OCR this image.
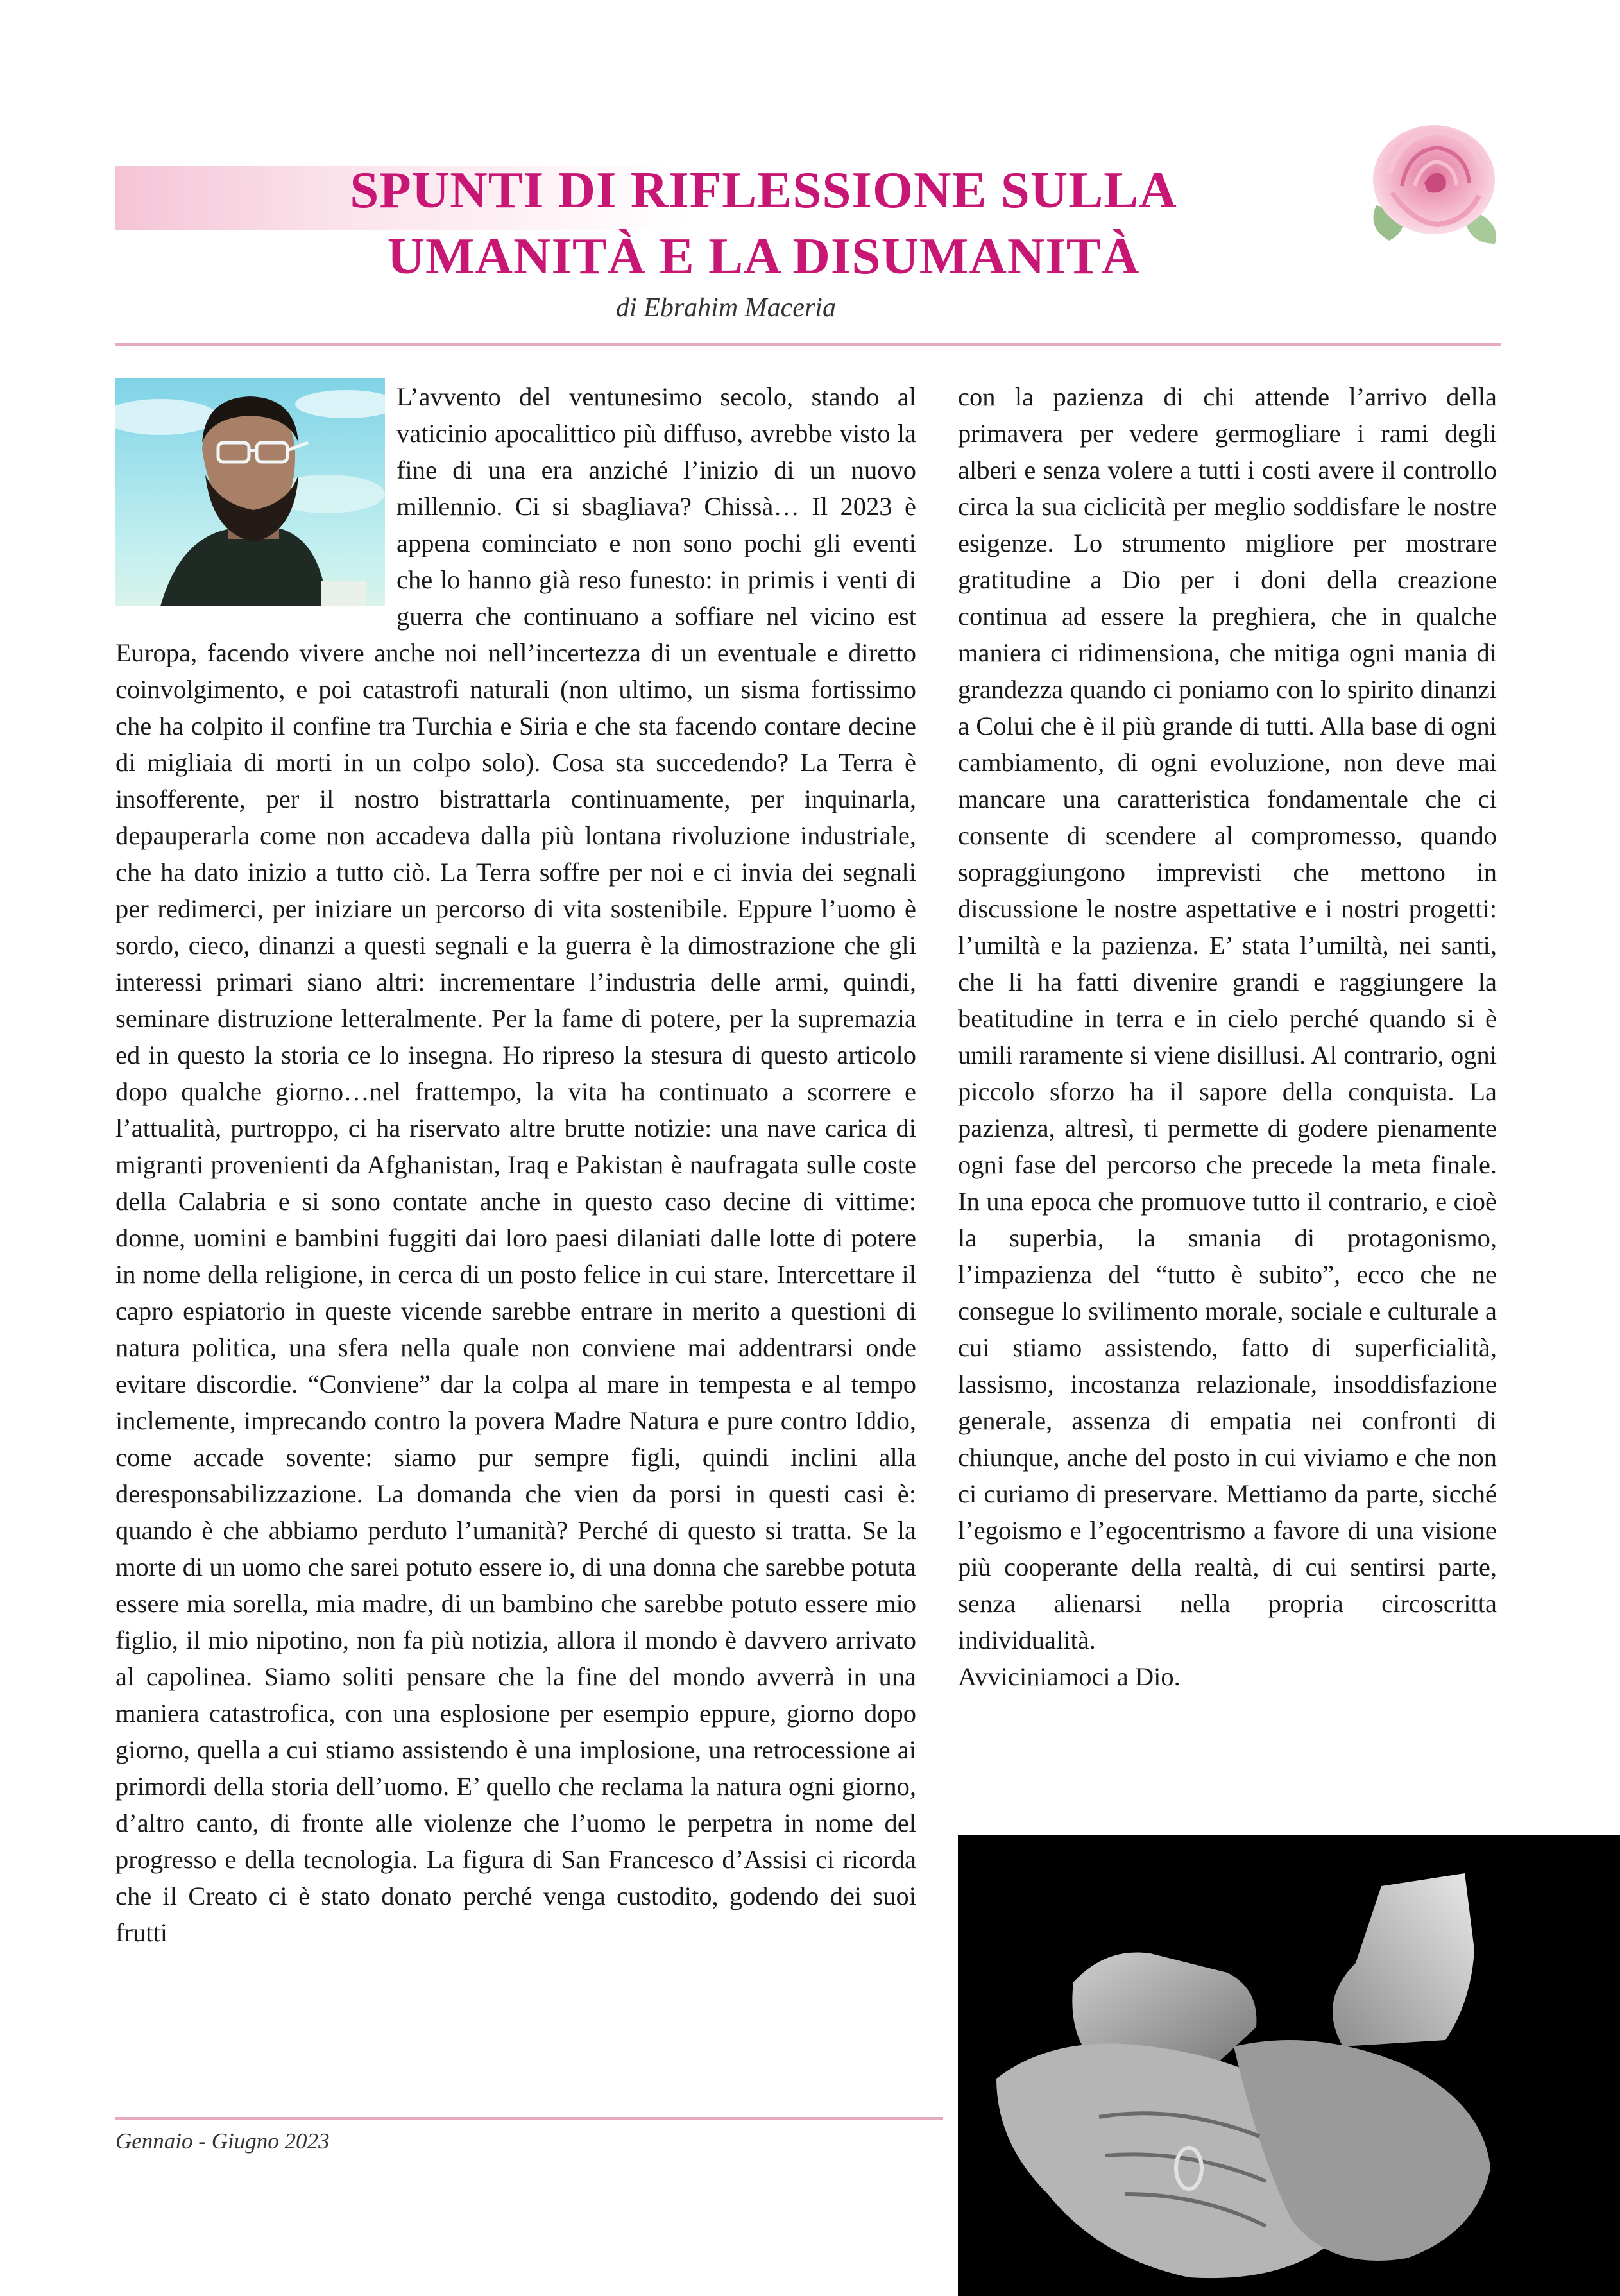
SPUNTI DI RIFLESSIONE SULLA
UMANITÀ E LA DISUMANITÀ
di Ebrahim Maceria

L’avvento del ventunesimo secolo, stando al vaticinio apocalittico più diffuso, avrebbe visto la fine di una era anziché l’inizio di un nuovo millennio. Ci si sbagliava? Chissà… Il 2023 è appena cominciato e non sono pochi gli eventi che lo hanno già reso funesto: in primis i venti di guerra che continuano a soffiare nel vicino est Europa, facendo vivere anche noi nell’incertezza di un eventuale e diretto coinvolgimento, e poi catastrofi naturali (non ultimo, un sisma fortissimo che ha colpito il confine tra Turchia e Siria e che sta facendo contare decine di migliaia di morti in un colpo solo). Cosa sta succedendo? La Terra è insofferente, per il nostro bistrattarla continuamente, per inquinarla, depauperarla come non accadeva dalla più lontana rivoluzione industriale, che ha dato inizio a tutto ciò. La Terra soffre per noi e ci invia dei segnali per redimerci, per iniziare un percorso di vita sostenibile. Eppure l’uomo è sordo, cieco, dinanzi a questi segnali e la guerra è la dimostrazione che gli interessi primari siano altri: incrementare l’industria delle armi, quindi, seminare distruzione letteralmente. Per la fame di potere, per la supremazia ed in questo la storia ce lo insegna. Ho ripreso la stesura di questo articolo dopo qualche giorno…nel frattempo, la vita ha continuato a scorrere e l’attualità, purtroppo, ci ha riservato altre brutte notizie: una nave carica di migranti provenienti da Afghanistan, Iraq e Pakistan è naufragata sulle coste della Calabria e si sono contate anche in questo caso decine di vittime: donne, uomini e bambini fuggiti dai loro paesi dilaniati dalle lotte di potere in nome della religione, in cerca di un posto felice in cui stare. Intercettare il capro espiatorio in queste vicende sarebbe entrare in merito a questioni di natura politica, una sfera nella quale non conviene mai addentrarsi onde evitare discordie. “Conviene” dar la colpa al mare in tempesta e al tempo inclemente, imprecando contro la povera Madre Natura e pure contro Iddio, come accade sovente: siamo pur sempre figli, quindi inclini alla deresponsabilizzazione. La domanda che vien da porsi in questi casi è: quando è che abbiamo perduto l’umanità? Perché di questo si tratta. Se la morte di un uomo che sarei potuto essere io, di una donna che sarebbe potuta essere mia sorella, mia madre, di un bambino che sarebbe potuto essere mio figlio, il mio nipotino, non fa più notizia, allora il mondo è davvero arrivato al capolinea. Siamo soliti pensare che la fine del mondo avverrà in una maniera catastrofica, con una esplosione per esempio eppure, giorno dopo giorno, quella a cui stiamo assistendo è una implosione, una retrocessione ai primordi della storia dell’uomo. E’ quello che reclama la natura ogni giorno, d’altro canto, di fronte alle violenze che l’uomo le perpetra in nome del progresso e della tecnologia. La figura di San Francesco d’Assisi ci ricorda che il Creato ci è stato donato perché venga custodito, godendo dei suoi frutti

con la pazienza di chi attende l’arrivo della primavera per vedere germogliare i rami degli alberi e senza volere a tutti i costi avere il controllo circa la sua ciclicità per meglio soddisfare le nostre esigenze. Lo strumento migliore per mostrare gratitudine a Dio per i doni della creazione continua ad essere la preghiera, che in qualche maniera ci ridimensiona, che mitiga ogni mania di grandezza quando ci poniamo con lo spirito dinanzi a Colui che è il più grande di tutti. Alla base di ogni cambiamento, di ogni evoluzione, non deve mai mancare una caratteristica fondamentale che ci consente di scendere al compromesso, quando sopraggiungono imprevisti che mettono in discussione le nostre aspettative e i nostri progetti: l’umiltà e la pazienza. E’ stata l’umiltà, nei santi, che li ha fatti divenire grandi e raggiungere la beatitudine in terra e in cielo perché quando si è umili raramente si viene disillusi. Al contrario, ogni piccolo sforzo ha il sapore della conquista. La pazienza, altresì, ti permette di godere pienamente ogni fase del percorso che precede la meta finale. In una epoca che promuove tutto il contrario, e cioè la superbia, la smania di protagonismo, l’impazienza del “tutto è subito”, ecco che ne consegue lo svilimento morale, sociale e culturale a cui stiamo assistendo, fatto di superficialità, lassismo, incostanza relazionale, insoddisfazione generale, assenza di empatia nei confronti di chiunque, anche del posto in cui viviamo e che non ci curiamo di preservare. Mettiamo da parte, sicché l’egoismo e l’egocentrismo a favore di una visione più cooperante della realtà, di cui sentirsi parte, senza alienarsi nella propria circoscritta individualità.

Avviciniamoci a Dio.

Gennaio - Giugno 2023
